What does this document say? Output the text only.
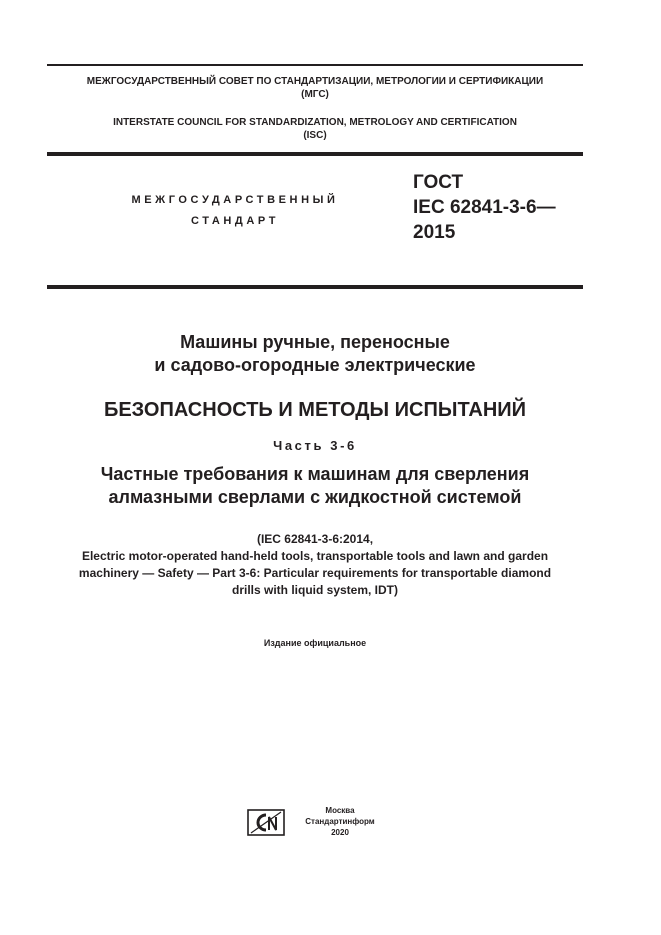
МЕЖГОСУДАРСТВЕННЫЙ СОВЕТ ПО СТАНДАРТИЗАЦИИ, МЕТРОЛОГИИ И СЕРТИФИКАЦИИ
(МГС)
INTERSTATE COUNCIL FOR STANDARDIZATION, METROLOGY AND CERTIFICATION
(ISC)
МЕЖГОСУДАРСТВЕННЫЙ
СТАНДАРТ
ГОСТ
IEC 62841-3-6—
2015
Машины ручные, переносные
и садово-огородные электрические
БЕЗОПАСНОСТЬ И МЕТОДЫ ИСПЫТАНИЙ
Часть 3-6
Частные требования к машинам для сверления
алмазными сверлами с жидкостной системой
(IEC 62841-3-6:2014,
Electric motor-operated hand-held tools, transportable tools and lawn and garden
machinery — Safety — Part 3-6: Particular requirements for transportable diamond
drills with liquid system, IDT)
Издание официальное
Москва
Стандартинформ
2020
